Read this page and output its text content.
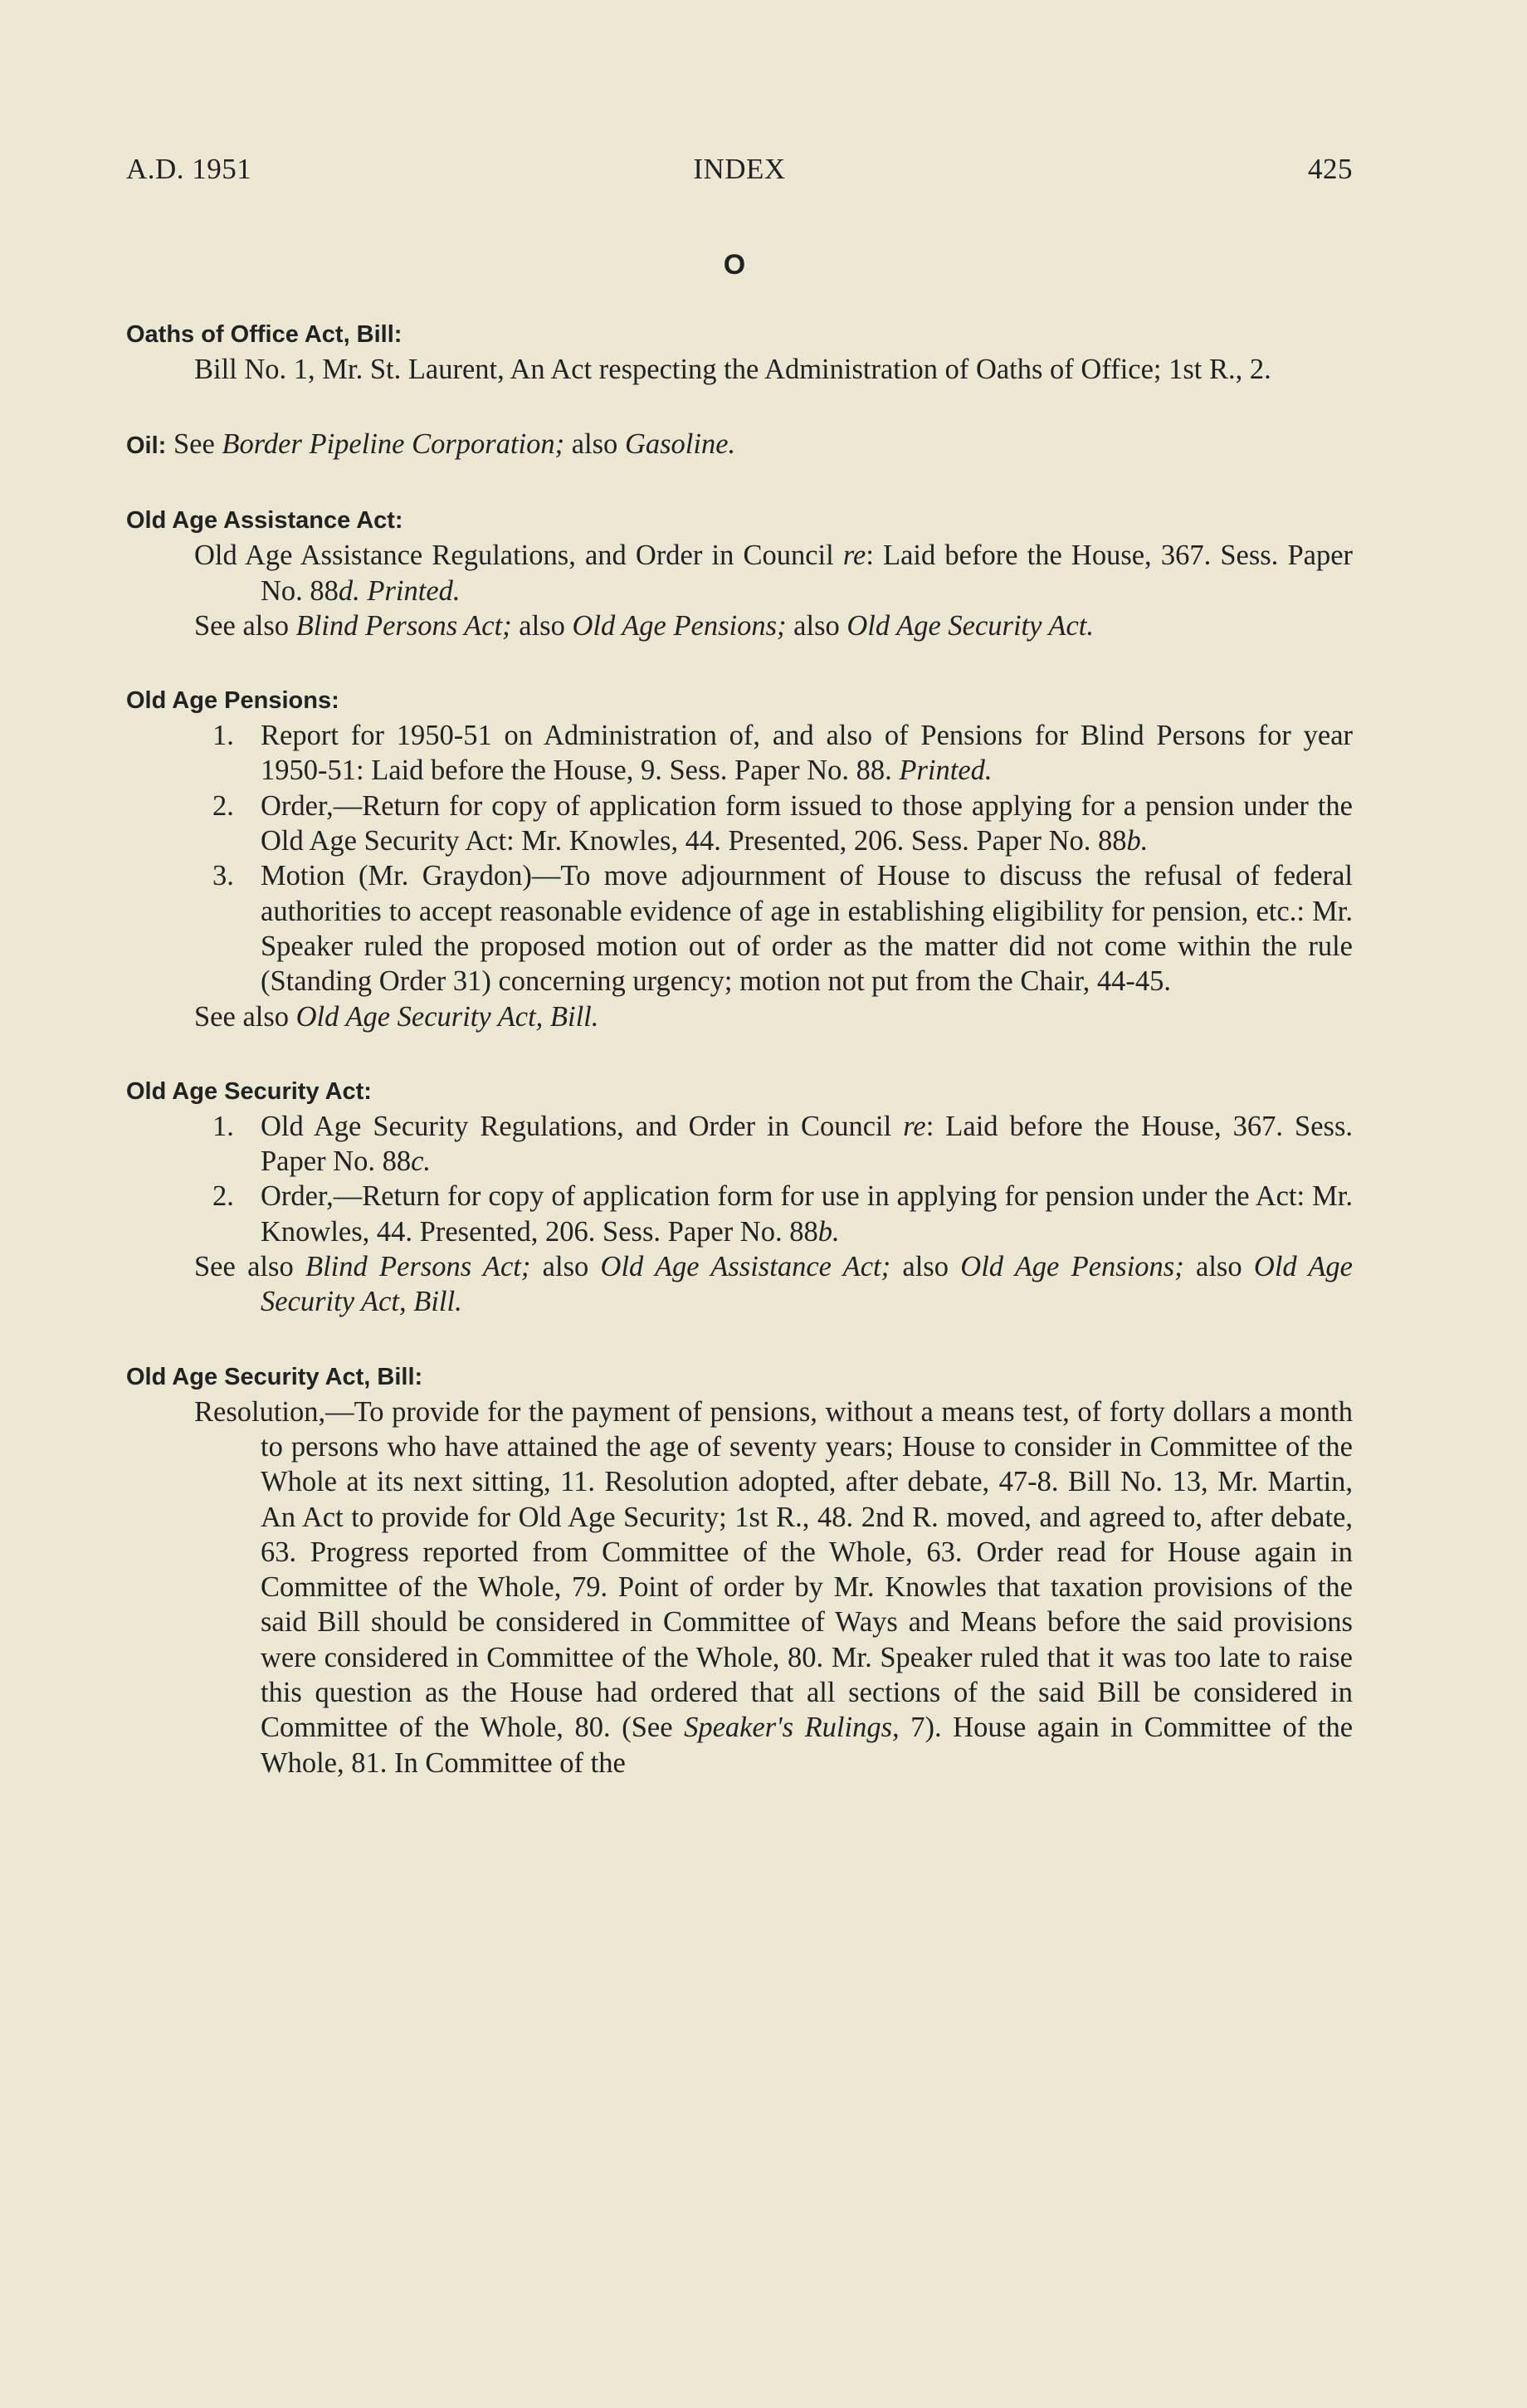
A.D. 1951	INDEX	425
O

Oaths of Office Act, Bill:

Bill No. 1, Mr. St. Laurent, An Act respecting the Administration of Oaths of Office; 1st R., 2.

Oil: See Border Pipeline Corporation; also Gasoline.

Old Age Assistance Act:

Old Age Assistance Regulations, and Order in Council re: Laid before the House, 367. Sess. Paper No. 88d. Printed.

See also Blind Persons Act; also Old Age Pensions; also Old Age Security Act.

Old Age Pensions:

1. Report for 1950-51 on Administration of, and also of Pensions for Blind Persons for year 1950-51: Laid before the House, 9. Sess. Paper No. 88. Printed.
2. Order,—Return for copy of application form issued to those applying for a pension under the Old Age Security Act: Mr. Knowles, 44. Presented, 206. Sess. Paper No. 88b.
3. Motion (Mr. Graydon)—To move adjournment of House to discuss the refusal of federal authorities to accept reasonable evidence of age in establishing eligibility for pension, etc.: Mr. Speaker ruled the proposed motion out of order as the matter did not come within the rule (Standing Order 31) concerning urgency; motion not put from the Chair, 44-45.

See also Old Age Security Act, Bill.

Old Age Security Act:

1. Old Age Security Regulations, and Order in Council re: Laid before the House, 367. Sess. Paper No. 88c.
2. Order,—Return for copy of application form for use in applying for pension under the Act: Mr. Knowles, 44. Presented, 206. Sess. Paper No. 88b.

See also Blind Persons Act; also Old Age Assistance Act; also Old Age Pensions; also Old Age Security Act, Bill.

Old Age Security Act, Bill:

Resolution,—To provide for the payment of pensions, without a means test, of forty dollars a month to persons who have attained the age of seventy years; House to consider in Committee of the Whole at its next sitting, 11. Resolution adopted, after debate, 47-8. Bill No. 13, Mr. Martin, An Act to provide for Old Age Security; 1st R., 48. 2nd R. moved, and agreed to, after debate, 63. Progress reported from Committee of the Whole, 63. Order read for House again in Committee of the Whole, 79. Point of order by Mr. Knowles that taxation provisions of the said Bill should be considered in Committee of Ways and Means before the said provisions were considered in Committee of the Whole, 80. Mr. Speaker ruled that it was too late to raise this question as the House had ordered that all sections of the said Bill be considered in Committee of the Whole, 80. (See Speaker's Rulings, 7). House again in Committee of the Whole, 81. In Committee of the
